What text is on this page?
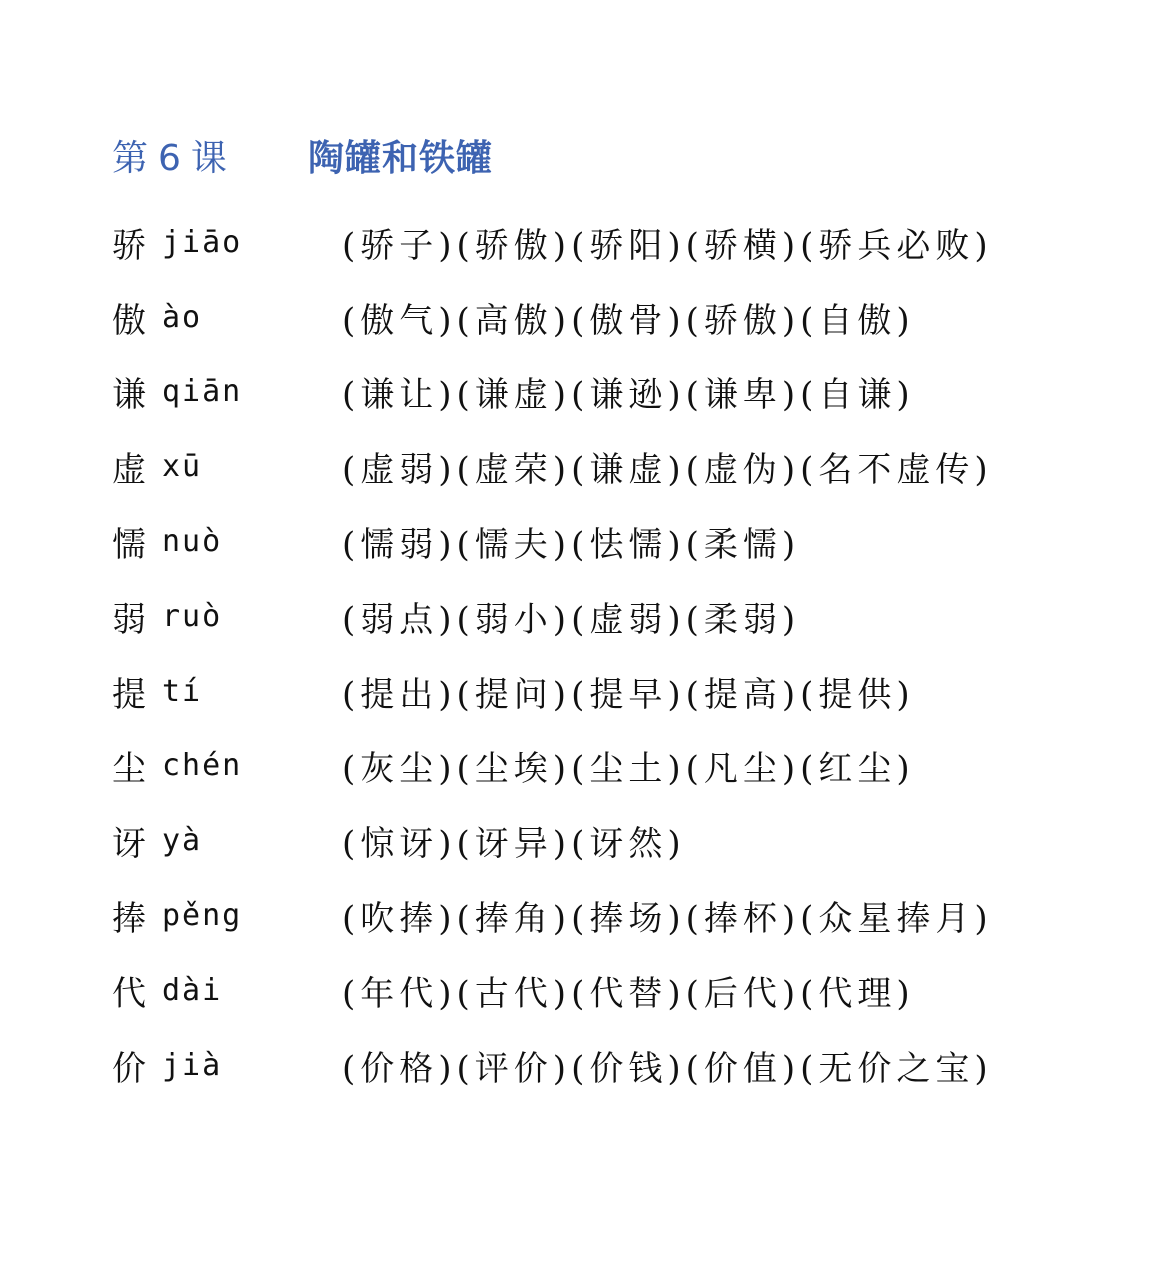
第 6 课	陶罐和铁罐
骄 jiāo	(骄子) (骄傲) (骄阳) (骄横) (骄兵必败)
傲 ào	(傲气) (高傲) (傲骨) (骄傲) (自傲)
谦 qiān	(谦让) (谦虚) (谦逊) (谦卑) (自谦)
虚 xū	(虚弱) (虚荣) (谦虚) (虚伪) (名不虚传)
懦 nuò	(懦弱) (懦夫) (怯懦) (柔懦)
弱 ruò	(弱点) (弱小) (虚弱) (柔弱)
提 tí	(提出) (提问) (提早) (提高) (提供)
尘 chén	(灰尘) (尘埃) (尘土) (凡尘) (红尘)
讶 yà	(惊讶) (讶异) (讶然)
捧 pěng	(吹捧) (捧角) (捧场) (捧杯) (众星捧月)
代 dài	(年代) (古代) (代替) (后代) (代理)
价 jià	(价格) (评价) (价钱) (价值) (无价之宝)
